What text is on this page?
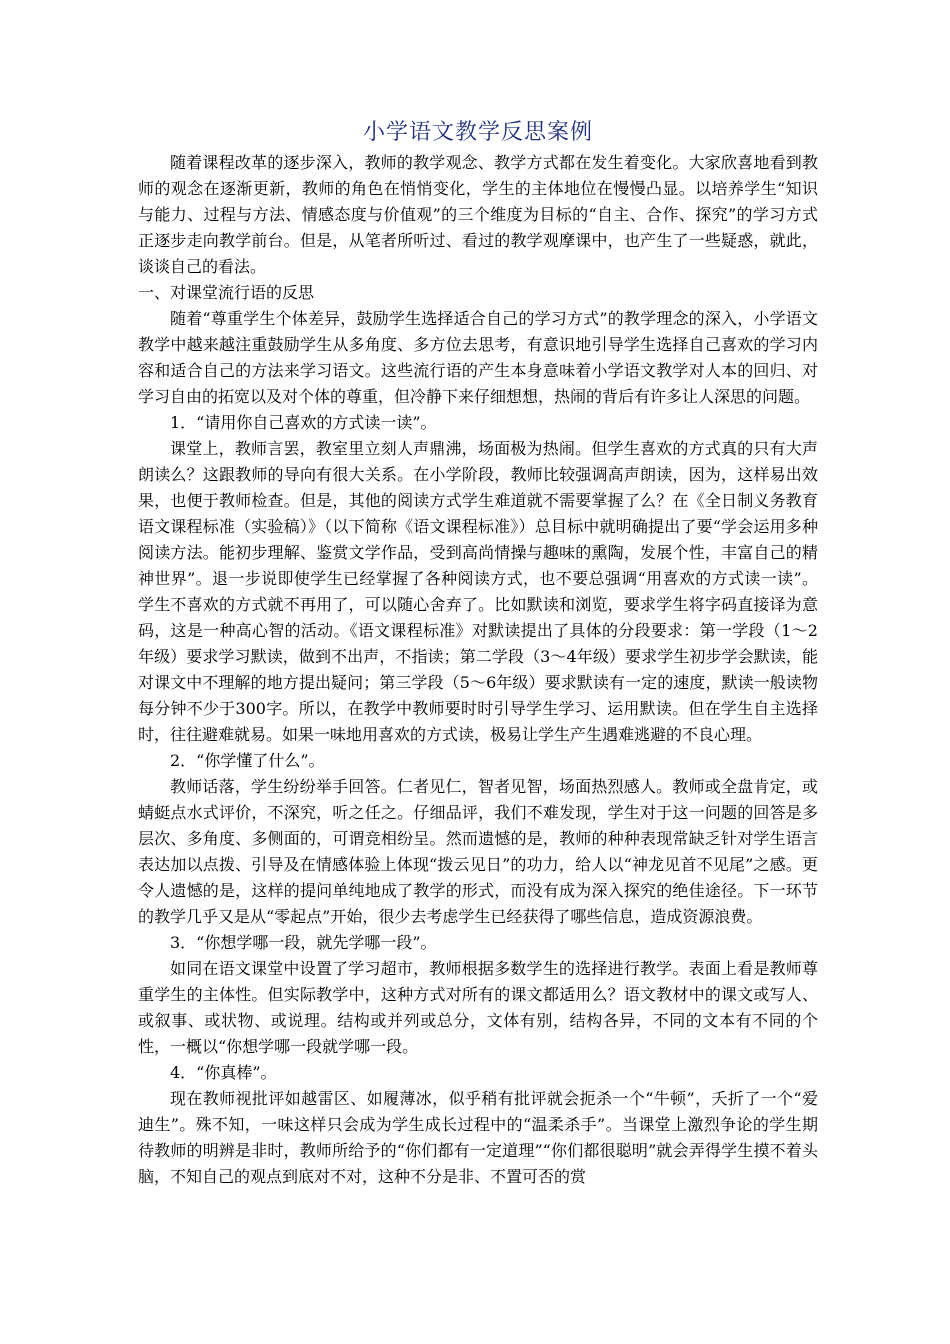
小学语文教学反思案例

随着课程改革的逐步深入，教师的教学观念、教学方式都在发生着变化。大家欣喜地看到教师的观念在逐渐更新，教师的角色在悄悄变化，学生的主体地位在慢慢凸显。以培养学生“知识与能力、过程与方法、情感态度与价值观”的三个维度为目标的“自主、合作、探究”的学习方式正逐步走向教学前台。但是，从笔者所听过、看过的教学观摩课中，也产生了一些疑惑，就此，谈谈自己的看法。

一、对课堂流行语的反思

随着“尊重学生个体差异，鼓励学生选择适合自己的学习方式”的教学理念的深入，小学语文教学中越来越注重鼓励学生从多角度、多方位去思考，有意识地引导学生选择自己喜欢的学习内容和适合自己的方法来学习语文。这些流行语的产生本身意味着小学语文教学对人本的回归、对学习自由的拓宽以及对个体的尊重，但冷静下来仔细想想，热闹的背后有许多让人深思的问题。

1．“请用你自己喜欢的方式读一读”。

课堂上，教师言罢，教室里立刻人声鼎沸，场面极为热闹。但学生喜欢的方式真的只有大声朗读么？这跟教师的导向有很大关系。在小学阶段，教师比较强调高声朗读，因为，这样易出效果，也便于教师检查。但是，其他的阅读方式学生难道就不需要掌握了么？在《全日制义务教育语文课程标准（实验稿）》（以下简称《语文课程标准》）总目标中就明确提出了要“学会运用多种阅读方法。能初步理解、鉴赏文学作品，受到高尚情操与趣味的熏陶，发展个性，丰富自己的精神世界”。退一步说即使学生已经掌握了各种阅读方式，也不要总强调“用喜欢的方式读一读”。学生不喜欢的方式就不再用了，可以随心舍弃了。比如默读和浏览，要求学生将字码直接译为意码，这是一种高心智的活动。《语文课程标准》对默读提出了具体的分段要求：第一学段（1～2年级）要求学习默读，做到不出声，不指读；第二学段（3～4年级）要求学生初步学会默读，能对课文中不理解的地方提出疑问；第三学段（5～6年级）要求默读有一定的速度，默读一般读物每分钟不少于300字。所以，在教学中教师要时时引导学生学习、运用默读。但在学生自主选择时，往往避难就易。如果一味地用喜欢的方式读，极易让学生产生遇难逃避的不良心理。

2．“你学懂了什么”。

教师话落，学生纷纷举手回答。仁者见仁，智者见智，场面热烈感人。教师或全盘肯定，或蜻蜓点水式评价，不深究，听之任之。仔细品评，我们不难发现，学生对于这一问题的回答是多层次、多角度、多侧面的，可谓竞相纷呈。然而遗憾的是，教师的种种表现常缺乏针对学生语言表达加以点拨、引导及在情感体验上体现“拨云见日”的功力，给人以“神龙见首不见尾”之感。更令人遗憾的是，这样的提问单纯地成了教学的形式，而没有成为深入探究的绝佳途径。下一环节的教学几乎又是从“零起点”开始，很少去考虑学生已经获得了哪些信息，造成资源浪费。

3．“你想学哪一段，就先学哪一段”。

如同在语文课堂中设置了学习超市，教师根据多数学生的选择进行教学。表面上看是教师尊重学生的主体性。但实际教学中，这种方式对所有的课文都适用么？语文教材中的课文或写人、或叙事、或状物、或说理。结构或并列或总分，文体有别，结构各异，不同的文本有不同的个性，一概以“你想学哪一段就学哪一段。

4．“你真棒”。

现在教师视批评如越雷区、如履薄冰，似乎稍有批评就会扼杀一个“牛顿”，夭折了一个“爱迪生”。殊不知，一味这样只会成为学生成长过程中的“温柔杀手”。当课堂上激烈争论的学生期待教师的明辨是非时，教师所给予的“你们都有一定道理”“你们都很聪明”就会弄得学生摸不着头脑，不知自己的观点到底对不对，这种不分是非、不置可否的赏
